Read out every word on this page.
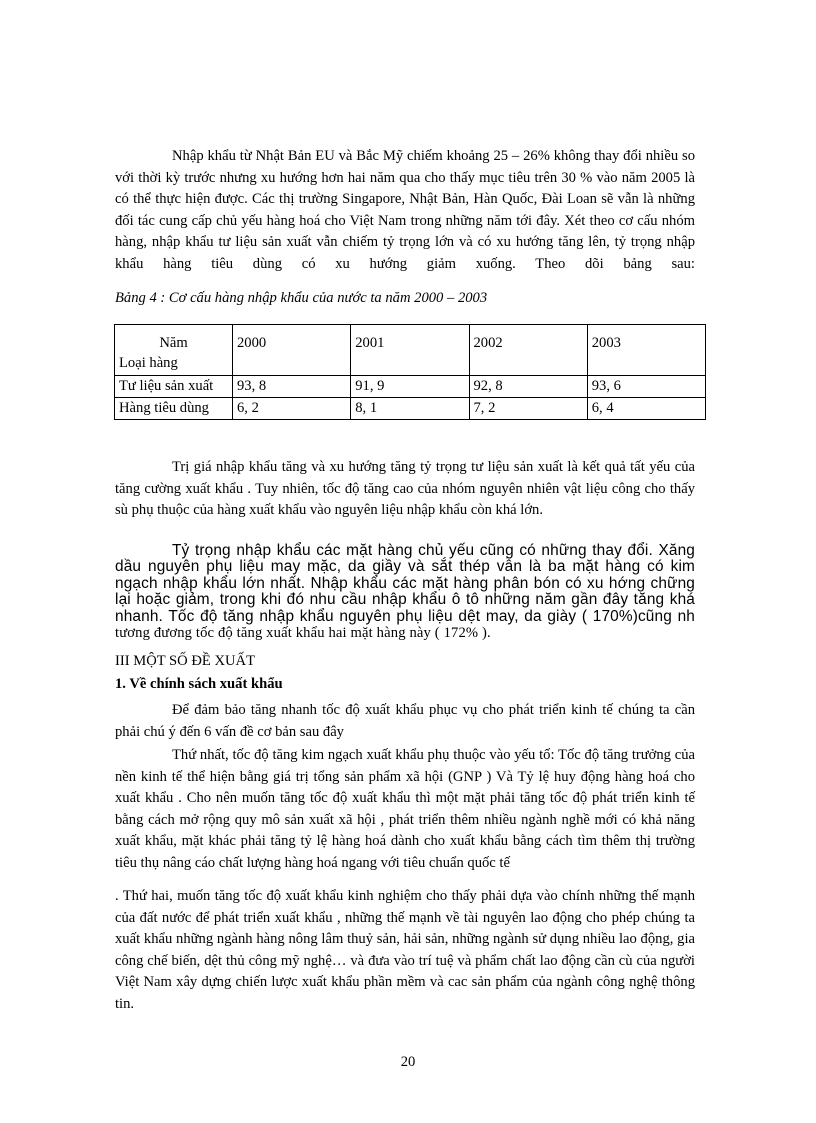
Nhập khẩu từ Nhật Bản EU và Bắc Mỹ chiếm khoảng 25 – 26% không thay đổi nhiều so với thời kỳ trước nhưng xu hướng hơn hai năm qua cho thấy mục tiêu trên 30 % vào năm 2005 là có thể thực hiện được. Các thị trường Singapore, Nhật Bản, Hàn Quốc, Đài Loan sẽ vẫn là những đối tác cung cấp chủ yếu hàng hoá cho Việt Nam trong những năm tới đây. Xét theo cơ cấu nhóm hàng, nhập khẩu tư liệu sản xuất vẫn chiếm tỷ trọng lớn và có xu hướng tăng lên, tỷ trọng nhập khẩu hàng tiêu dùng có xu hướng giảm xuống. Theo dõi bảng sau:

Bảng 4 : Cơ cấu hàng nhập khẩu của nước ta năm 2000 – 2003
Năm
Loại hàng	2000	2001	2002	2003

Tư liệu sản xuất	93, 8	91, 9	92, 8	93, 6
Hàng tiêu dùng	6, 2	8, 1	7, 2	6, 4

Trị giá nhập khẩu tăng và xu hướng tăng tỷ trọng tư liệu sản xuất là kết quả tất yếu của tăng cường xuất khẩu . Tuy nhiên, tốc độ tăng cao của nhóm nguyên nhiên vật liệu công cho thấy sù phụ thuộc của hàng xuất khẩu vào nguyên liệu nhập khẩu còn khá lớn.

Tỷ trọng nhập khẩu các mặt hàng chủ yếu cũng có những thay đổi. Xăng dầu nguyên phụ liệu may mặc, da giầy và sắt thép vẫn là ba mặt hàng có kim ngạch nhập khẩu lớn nhất. Nhập khẩu các mặt hàng phân bón có xu hớng chững lại hoặc giảm, trong khi đó nhu cầu nhập khẩu ô tô những năm gần đây tăng khá nhanh. Tốc độ tăng nhập khẩu nguyên phụ liệu dệt may, da giày ( 170%)cũng nh tương đương tốc độ tăng xuất khẩu hai mặt hàng này ( 172% ).

III MỘT SỐ ĐỀ XUẤT
1. Về chính sách xuất khẩu

Để đảm bảo tăng nhanh tốc độ xuất khẩu phục vụ cho phát triển kinh tế chúng ta cần phải chú ý đến 6 vấn đề cơ bản sau đây

Thứ nhất, tốc độ tăng kim ngạch xuất khẩu phụ thuộc vào yếu tố: Tốc độ tăng trưởng của nền kinh tế thể hiện bằng giá trị tổng sản phẩm xã hội (GNP ) Và Tỷ lệ huy động hàng hoá cho xuất khẩu . Cho nên muốn tăng tốc độ xuất khẩu thì một mặt phải tăng tốc độ phát triển kinh tế bằng cách mở rộng quy mô sản xuất xã hội , phát triển thêm nhiều ngành nghề mới có khả năng xuất khẩu, mặt khác phải tăng tỷ lệ hàng hoá dành cho xuất khẩu bằng cách tìm thêm thị trường tiêu thụ nâng cáo chất lượng hàng hoá ngang với tiêu chuẩn quốc tế

. Thứ hai, muốn tăng tốc độ xuất khẩu kinh nghiệm cho thấy phải dựa vào chính những thế mạnh của đất nước để phát triển xuất khẩu , những thế mạnh về tài nguyên lao động cho phép chúng ta xuất khẩu những ngành hàng nông lâm thuỷ sản, hải sản, những ngành sử dụng nhiều lao động, gia công chế biến, dệt thủ công mỹ nghệ… và đưa vào trí tuệ và phẩm chất lao động cần cù của người Việt Nam xây dựng chiến lược xuất khẩu phần mềm và cac sản phẩm của ngành công nghệ thông tin.

20
